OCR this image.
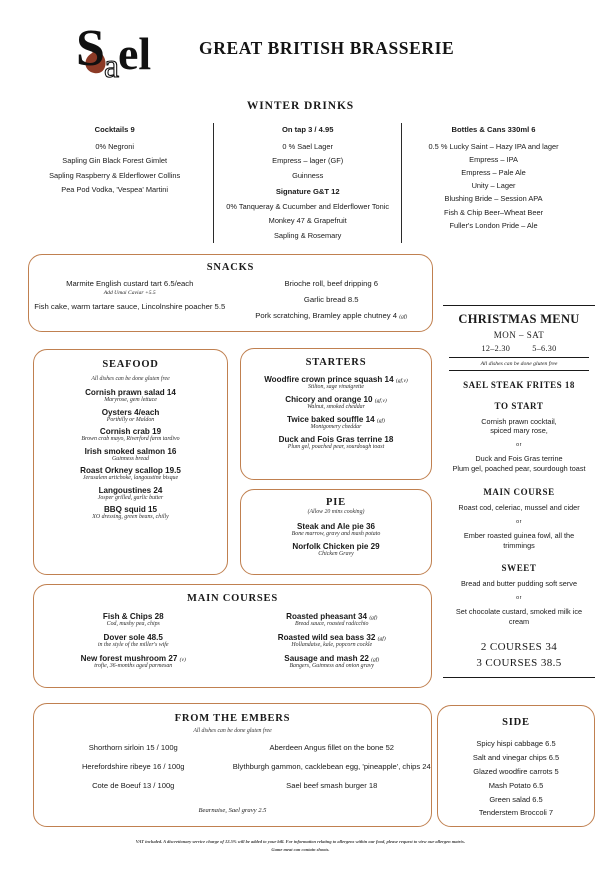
S el
a
GREAT BRITISH BRASSERIE
WINTER DRINKS
Cocktails 9
0% Negroni
Sapling Gin Black Forest Gimlet
Sapling Raspberry & Elderflower Collins
Pea Pod Vodka, 'Vespea' Martini
On tap 3 / 4.95
0 % Sael Lager
Empress – lager (GF)
Guinness
Signature G&T 12
0% Tanqueray & Cucumber and Elderflower Tonic
Monkey 47 & Grapefruit
Sapling & Rosemary
Bottles & Cans 330ml 6
0.5 % Lucky Saint – Hazy IPA and lager
Empress – IPA
Empress – Pale Ale
Unity – Lager
Blushing Bride – Session APA
Fish & Chip Beer–Wheat Beer
Fuller's London Pride – Ale
SNACKS
Marmite English custard tart 6.5/each
Add Umai Caviar +5.5
Fish cake, warm tartare sauce, Lincolnshire poacher 5.5
Brioche roll, beef dripping 6
Garlic bread 8.5
Pork scratching, Bramley apple chutney 4 (gf)
SEAFOOD
All dishes can be done gluten free
Cornish prawn salad 14
Maryrose, gem lettuce
Oysters 4/each
Porthilly or Maldon
Cornish crab 19
Brown crab mayo, Riverford farm tardivo
Irish smoked salmon 16
Guinness bread
Roast Orkney scallop 19.5
Jerusalem artichoke, langoustine bisque
Langoustines 24
Josper grilled, garlic butter
BBQ squid 15
XO dressing, green beans, chilly
STARTERS
Woodfire crown prince squash 14 (gf,v)
Stilton, sage vinaigrette
Chicory and orange 10 (gf,v)
Walnut, smoked cheddar
Twice baked souffle 14 (gf)
Montgomery cheddar
Duck and Fois Gras terrine 18
Plum gel, poached pear, sourdough toast
PIE
(Allow 20 mins cooking)
Steak and Ale pie 36
Bone marrow, gravy and mash potato
Norfolk Chicken pie 29
Chicken Gravy
MAIN COURSES
Fish & Chips 28
Cod, mushy pea, chips
Dover sole 48.5
in the style of the miller's wife
New forest mushroom 27 (v)
trofie, 36-months aged parmesan
Roasted pheasant 34 (gf)
Bread sauce, roasted radicchio
Roasted wild sea bass 32 (gf)
Hollandaise, kale, popcorn cockle
Sausage and mash 22 (gf)
Bangers, Guinness and onion gravy
FROM THE EMBERS
All dishes can be done gluten free
Shorthorn sirloin 15 / 100g
Herefordshire ribeye 16 / 100g
Cote de Boeuf 13 / 100g
Aberdeen Angus fillet on the bone 52
Blythburgh gammon, cacklebean egg, 'pineapple', chips 24
Sael beef smash burger 18
Bearnaise, Sael gravy 2.5
CHRISTMAS MENU
MON – SAT
12–2.30	5–6.30
All dishes can be done gluten free
SAEL STEAK FRITES 18
TO START
Cornish prawn cocktail,
spiced mary rose,
or
Duck and Fois Gras terrine
Plum gel, poached pear, sourdough toast
MAIN COURSE
Roast cod, celeriac, mussel and cider
or
Ember roasted guinea fowl, all the
trimmings
SWEET
Bread and butter pudding soft serve
or
Set chocolate custard, smoked milk ice
cream
2 COURSES 34
3 COURSES 38.5
SIDE
Spicy hispi cabbage 6.5
Salt and vinegar chips 6.5
Glazed woodfire carrots 5
Mash Potato 6.5
Green salad 6.5
Tenderstem Broccoli 7
VAT included. A discretionary service charge of 12.5% will be added to your bill. For information relating to allergens within our food, please request to view our allergen matrix.
Game meat can contain shoots.
